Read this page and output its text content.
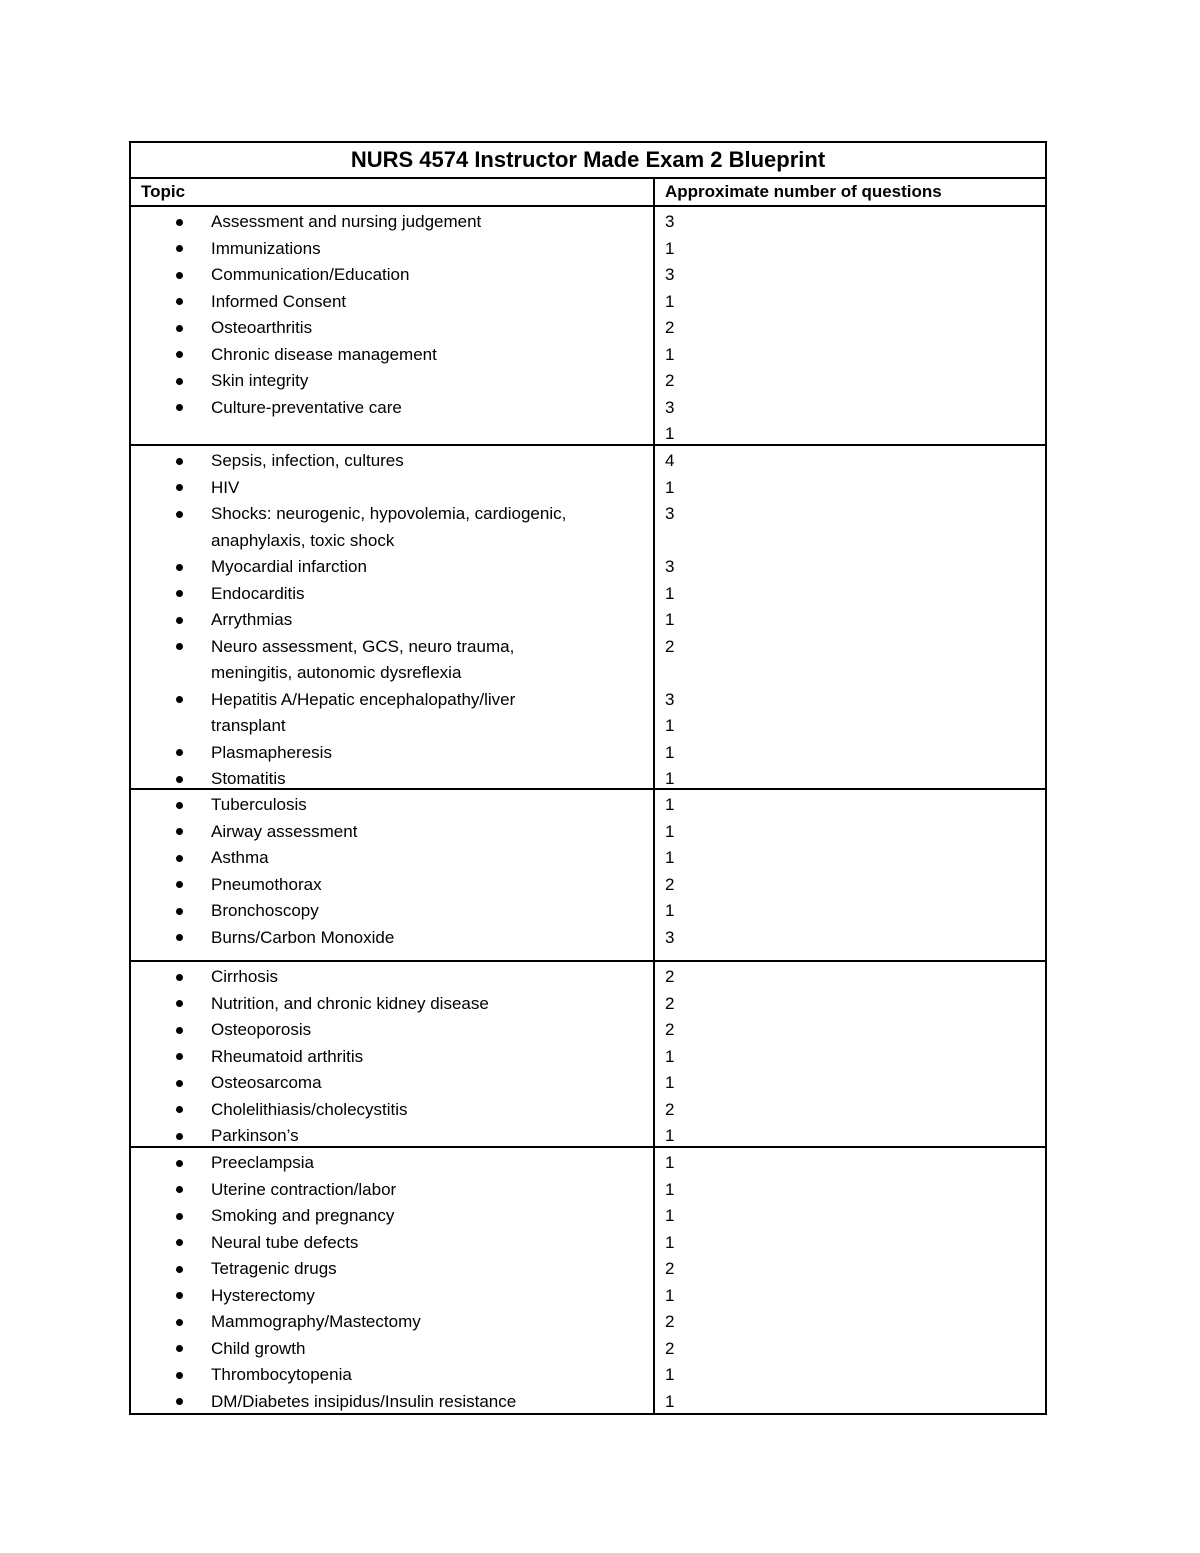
NURS 4574 Instructor Made Exam 2 Blueprint
Topic	Approximate number of questions
Assessment and nursing judgement
Immunizations
Communication/Education
Informed Consent
Osteoarthritis
Chronic disease management
Skin integrity
Culture-preventative care
3
1
3
1
2
1
2
3
1
Sepsis, infection, cultures
HIV
Shocks: neurogenic, hypovolemia, cardiogenic,
anaphylaxis, toxic shock
Myocardial infarction
Endocarditis
Arrythmias
Neuro assessment, GCS, neuro trauma,
meningitis, autonomic dysreflexia
Hepatitis A/Hepatic encephalopathy/liver
transplant
Plasmapheresis
Stomatitis
4
1
3
3
1
1
2
3
1
1
1
Tuberculosis
Airway assessment
Asthma
Pneumothorax
Bronchoscopy
Burns/Carbon Monoxide
1
1
1
2
1
3
Cirrhosis
Nutrition, and chronic kidney disease
Osteoporosis
Rheumatoid arthritis
Osteosarcoma
Cholelithiasis/cholecystitis
Parkinson’s
2
2
2
1
1
2
1
Preeclampsia
Uterine contraction/labor
Smoking and pregnancy
Neural tube defects
Tetragenic drugs
Hysterectomy
Mammography/Mastectomy
Child growth
Thrombocytopenia
DM/Diabetes insipidus/Insulin resistance
1
1
1
1
2
1
2
2
1
1
